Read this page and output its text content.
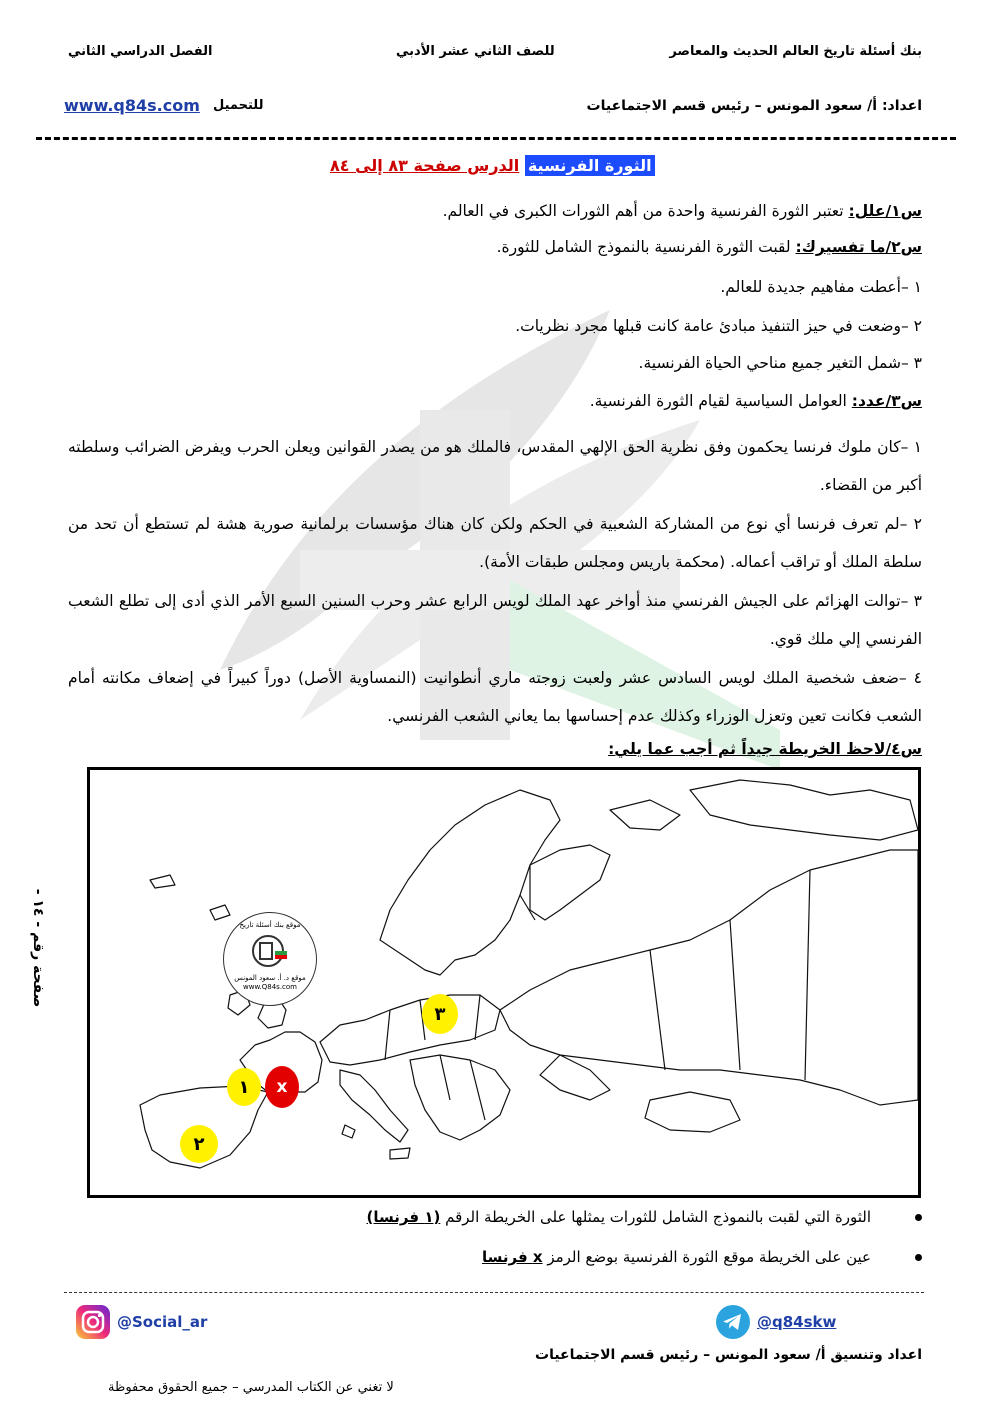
بنك أسئلة تاريخ العالم الحديث والمعاصر
للصف الثاني عشر الأدبي
الفصل الدراسي الثاني
اعداد: أ/ سعود المونس – رئيس قسم الاجتماعيات
للتحميل
www.q84s.com
الثورة الفرنسية الدرس صفحة ٨٣ إلى ٨٤
س١/علل: تعتبر الثورة الفرنسية واحدة من أهم الثورات الكبرى في العالم.
س٢/ما تفسيرك: لقبت الثورة الفرنسية بالنموذج الشامل للثورة.
١ –أعطت مفاهيم جديدة للعالم.
٢ –وضعت في حيز التنفيذ مبادئ عامة كانت قبلها مجرد نظريات.
٣ –شمل التغير جميع مناحي الحياة الفرنسية.
س٣/عدد: العوامل السياسية لقيام الثورة الفرنسية.
١ –كان ملوك فرنسا يحكمون وفق نظرية الحق الإلهي المقدس، فالملك هو من يصدر القوانين ويعلن الحرب ويفرض الضرائب وسلطته أكبر من القضاء.
٢ –لم تعرف فرنسا أي نوع من المشاركة الشعبية في الحكم ولكن كان هناك مؤسسات برلمانية صورية هشة لم تستطع أن تحد من سلطة الملك أو تراقب أعماله. (محكمة باريس ومجلس طبقات الأمة).
٣ –توالت الهزائم على الجيش الفرنسي منذ أواخر عهد الملك لويس الرابع عشر وحرب السنين السبع الأمر الذي أدى إلى تطلع الشعب الفرنسي إلي ملك قوي.
٤ –ضعف شخصية الملك لويس السادس عشر ولعبت زوجته ماري أنطوانيت (النمساوية الأصل) دوراً كبيراً في إضعاف مكانته أمام الشعب فكانت تعين وتعزل الوزراء وكذلك عدم إحساسها بما يعاني الشعب الفرنسي.
س٤/لاحظ الخريطة جيداً ثم أجب عما يلي:
موقع بنك أسئلة تاريخ
موقع د. أ. سعود المونس
www.Q84s.com
١	x
٢
٣
صفحة رقم - ١٤ -
الثورة التي لقبت بالنموذج الشامل للثورات يمثلها على الخريطة الرقم (١ فرنسا)
عين على الخريطة موقع الثورة الفرنسية بوضع الرمز x فرنسا
@Social_ar	@q84skw
اعداد وتنسيق أ/ سعود المونس – رئيس قسم الاجتماعيات
لا تغني عن الكتاب المدرسي – جميع الحقوق محفوظة
